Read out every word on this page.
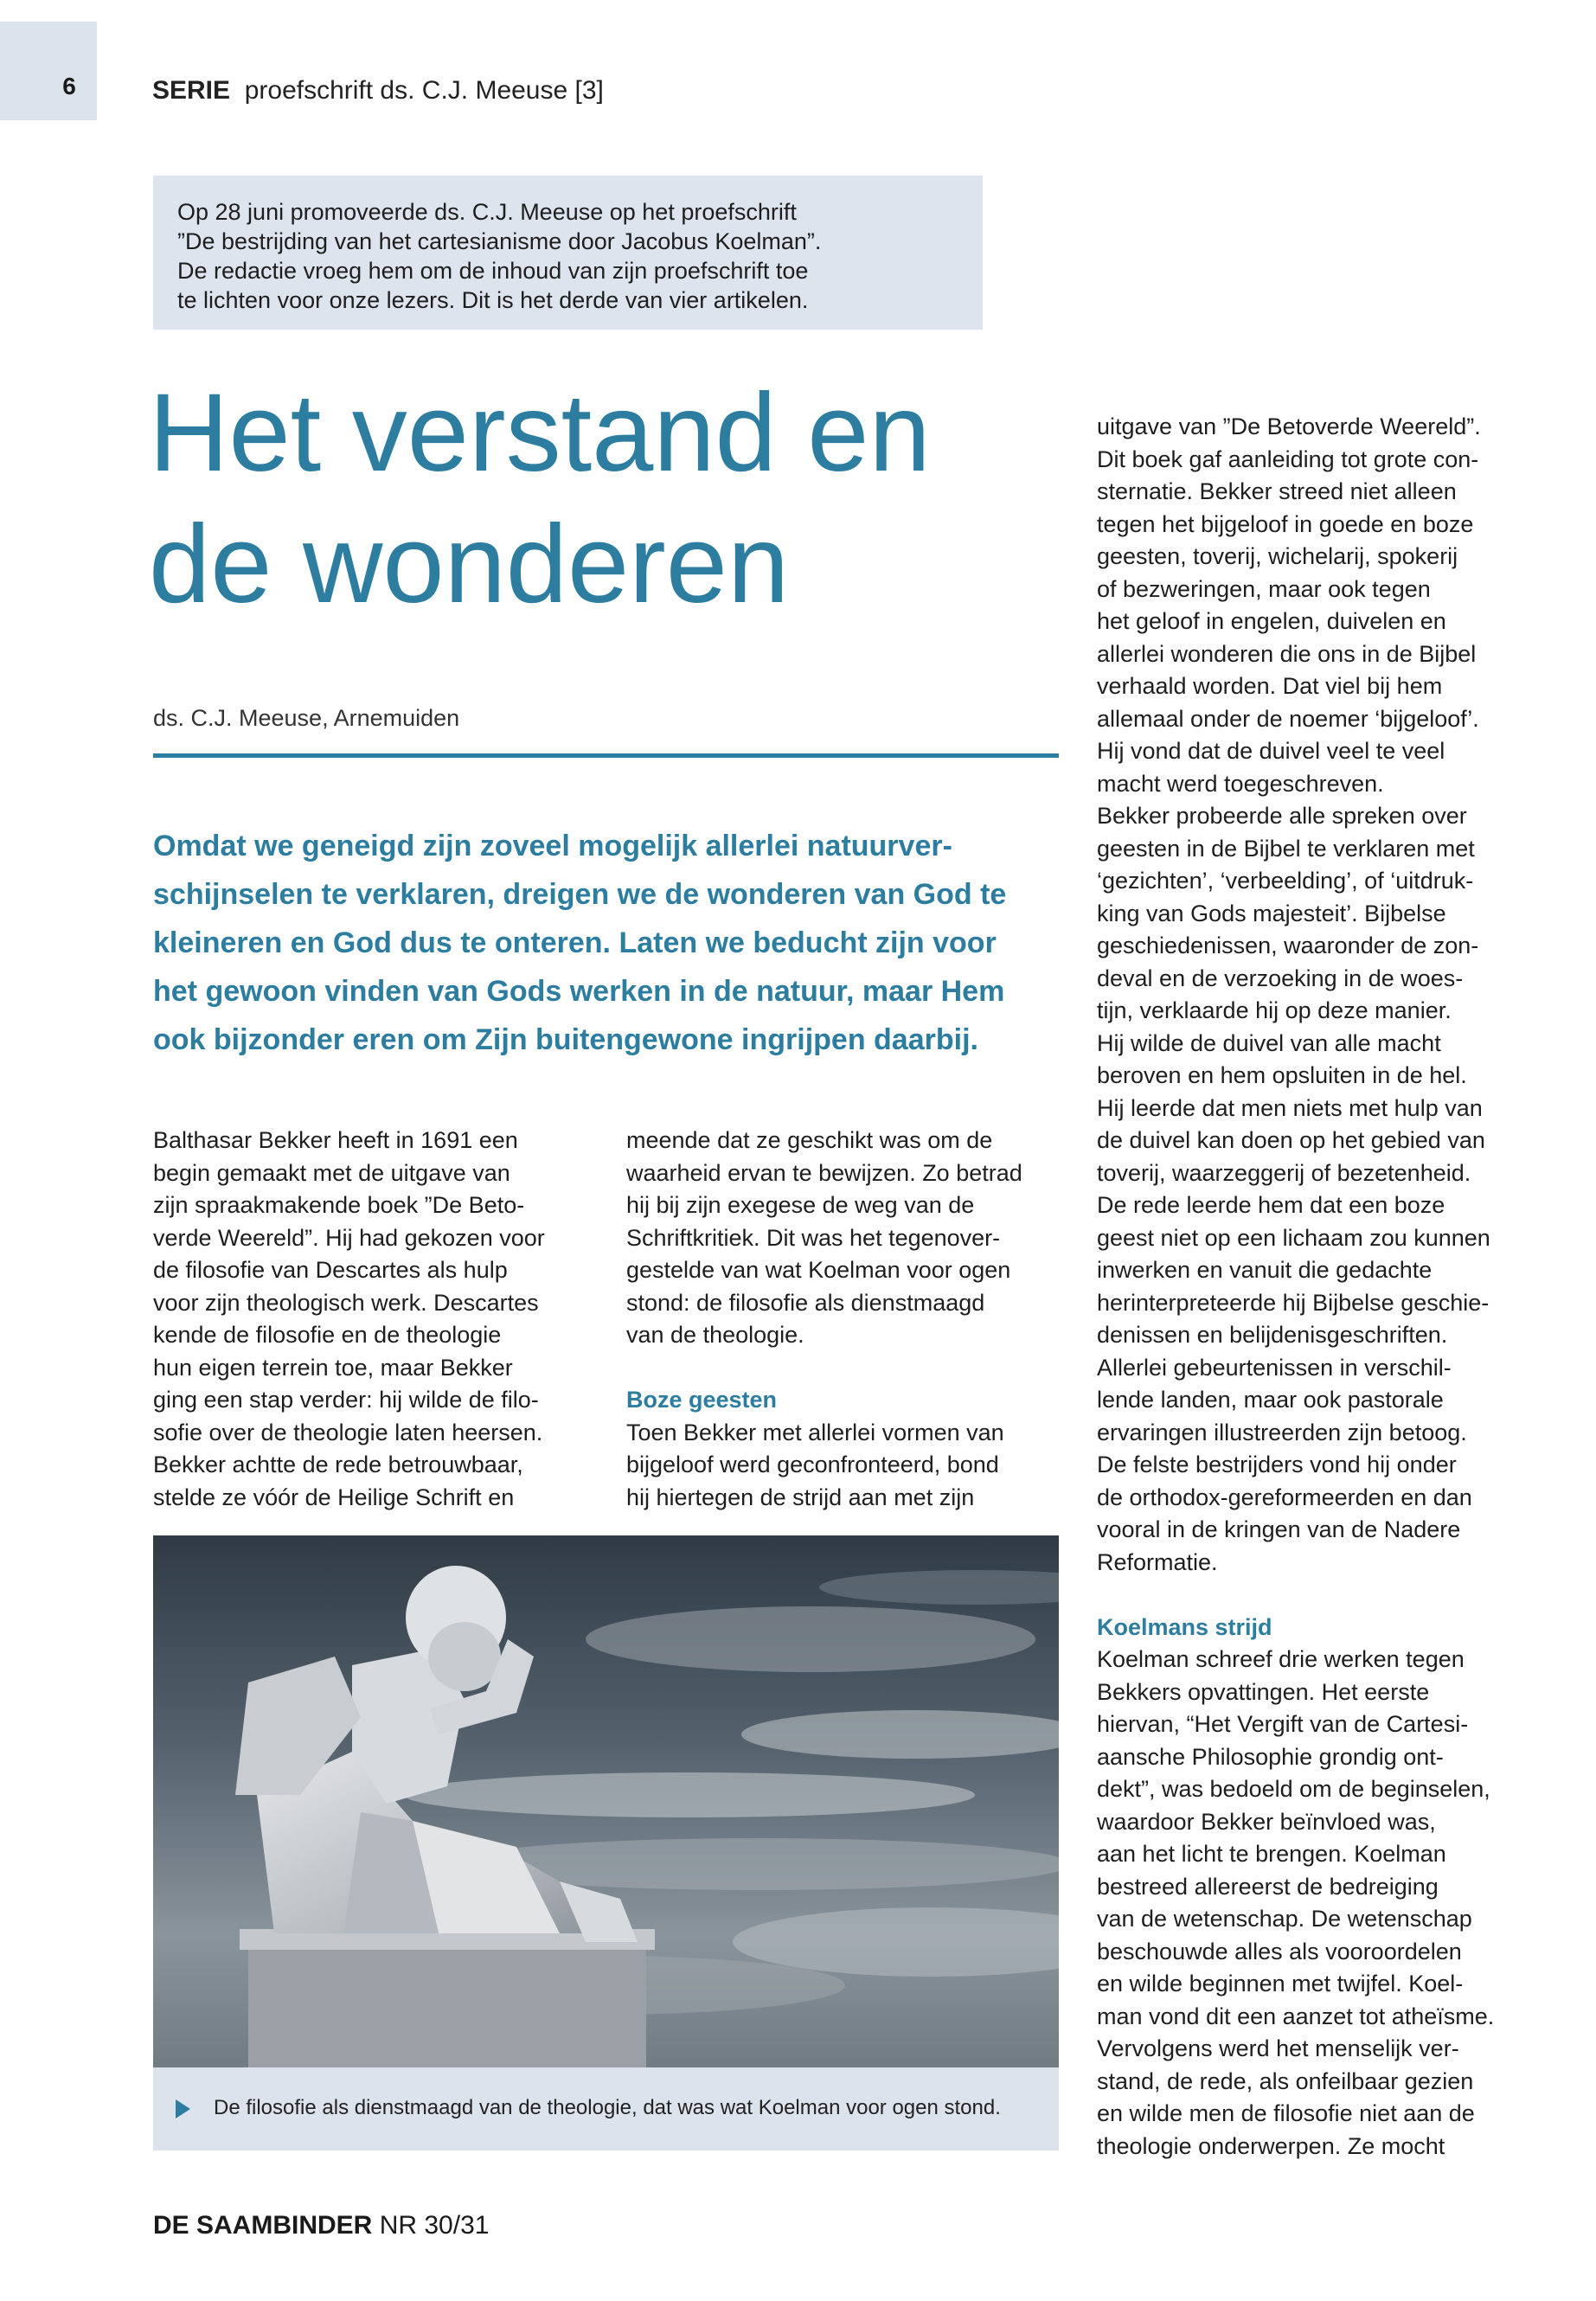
6	SERIE proefschrift ds. C.J. Meeuse [3]
Op 28 juni promoveerde ds. C.J. Meeuse op het proefschrift
”De bestrijding van het cartesianisme door Jacobus Koelman”.
De redactie vroeg hem om de inhoud van zijn proefschrift toe
te lichten voor onze lezers. Dit is het derde van vier artikelen.
Het verstand en
de wonderen
ds. C.J. Meeuse, Arnemuiden
Omdat we geneigd zijn zoveel mogelijk allerlei natuurver-
schijnselen te verklaren, dreigen we de wonderen van God te
kleineren en God dus te onteren. Laten we beducht zijn voor
het gewoon vinden van Gods werken in de natuur, maar Hem
ook bijzonder eren om Zijn buitengewone ingrijpen daarbij.
Balthasar Bekker heeft in 1691 een
begin gemaakt met de uitgave van
zijn spraakmakende boek ”De Beto-
verde Weereld”. Hij had gekozen voor
de filosofie van Descartes als hulp
voor zijn theologisch werk. Descartes
kende de filosofie en de theologie
hun eigen terrein toe, maar Bekker
ging een stap verder: hij wilde de filo-
sofie over de theologie laten heersen.
Bekker achtte de rede betrouwbaar,
stelde ze vóór de Heilige Schrift en
meende dat ze geschikt was om de
waarheid ervan te bewijzen. Zo betrad
hij bij zijn exegese de weg van de
Schriftkritiek. Dit was het tegenover-
gestelde van wat Koelman voor ogen
stond: de filosofie als dienstmaagd
van de theologie.
Boze geesten
Toen Bekker met allerlei vormen van
bijgeloof werd geconfronteerd, bond
hij hiertegen de strijd aan met zijn
uitgave van ”De Betoverde Weereld”.
Dit boek gaf aanleiding tot grote con-
sternatie. Bekker streed niet alleen
tegen het bijgeloof in goede en boze
geesten, toverij, wichelarij, spokerij
of bezweringen, maar ook tegen
het geloof in engelen, duivelen en
allerlei wonderen die ons in de Bijbel
verhaald worden. Dat viel bij hem
allemaal onder de noemer ‘bijgeloof’.
Hij vond dat de duivel veel te veel
macht werd toegeschreven.
Bekker probeerde alle spreken over
geesten in de Bijbel te verklaren met
‘gezichten’, ‘verbeelding’, of ‘uitdruk-
king van Gods majesteit’. Bijbelse
geschiedenissen, waaronder de zon-
deval en de verzoeking in de woes-
tijn, verklaarde hij op deze manier.
Hij wilde de duivel van alle macht
beroven en hem opsluiten in de hel.
Hij leerde dat men niets met hulp van
de duivel kan doen op het gebied van
toverij, waarzeggerij of bezetenheid.
De rede leerde hem dat een boze
geest niet op een lichaam zou kunnen
inwerken en vanuit die gedachte
herinterpreteerde hij Bijbelse geschie-
denissen en belijdenisgeschriften.
Allerlei gebeurtenissen in verschil-
lende landen, maar ook pastorale
ervaringen illustreerden zijn betoog.
De felste bestrijders vond hij onder
de orthodox-gereformeerden en dan
vooral in de kringen van de Nadere
Reformatie.
Koelmans strijd
Koelman schreef drie werken tegen
Bekkers opvattingen. Het eerste
hiervan, “Het Vergift van de Cartesi-
aansche Philosophie grondig ont-
dekt”, was bedoeld om de beginselen,
waardoor Bekker beïnvloed was,
aan het licht te brengen. Koelman
bestreed allereerst de bedreiging
van de wetenschap. De wetenschap
beschouwde alles als vooroordelen
en wilde beginnen met twijfel. Koel-
man vond dit een aanzet tot atheïsme.
Vervolgens werd het menselijk ver-
stand, de rede, als onfeilbaar gezien
en wilde men de filosofie niet aan de
theologie onderwerpen. Ze mocht
De filosofie als dienstmaagd van de theologie, dat was wat Koelman voor ogen stond.
DE SAAMBINDER NR 30/31
